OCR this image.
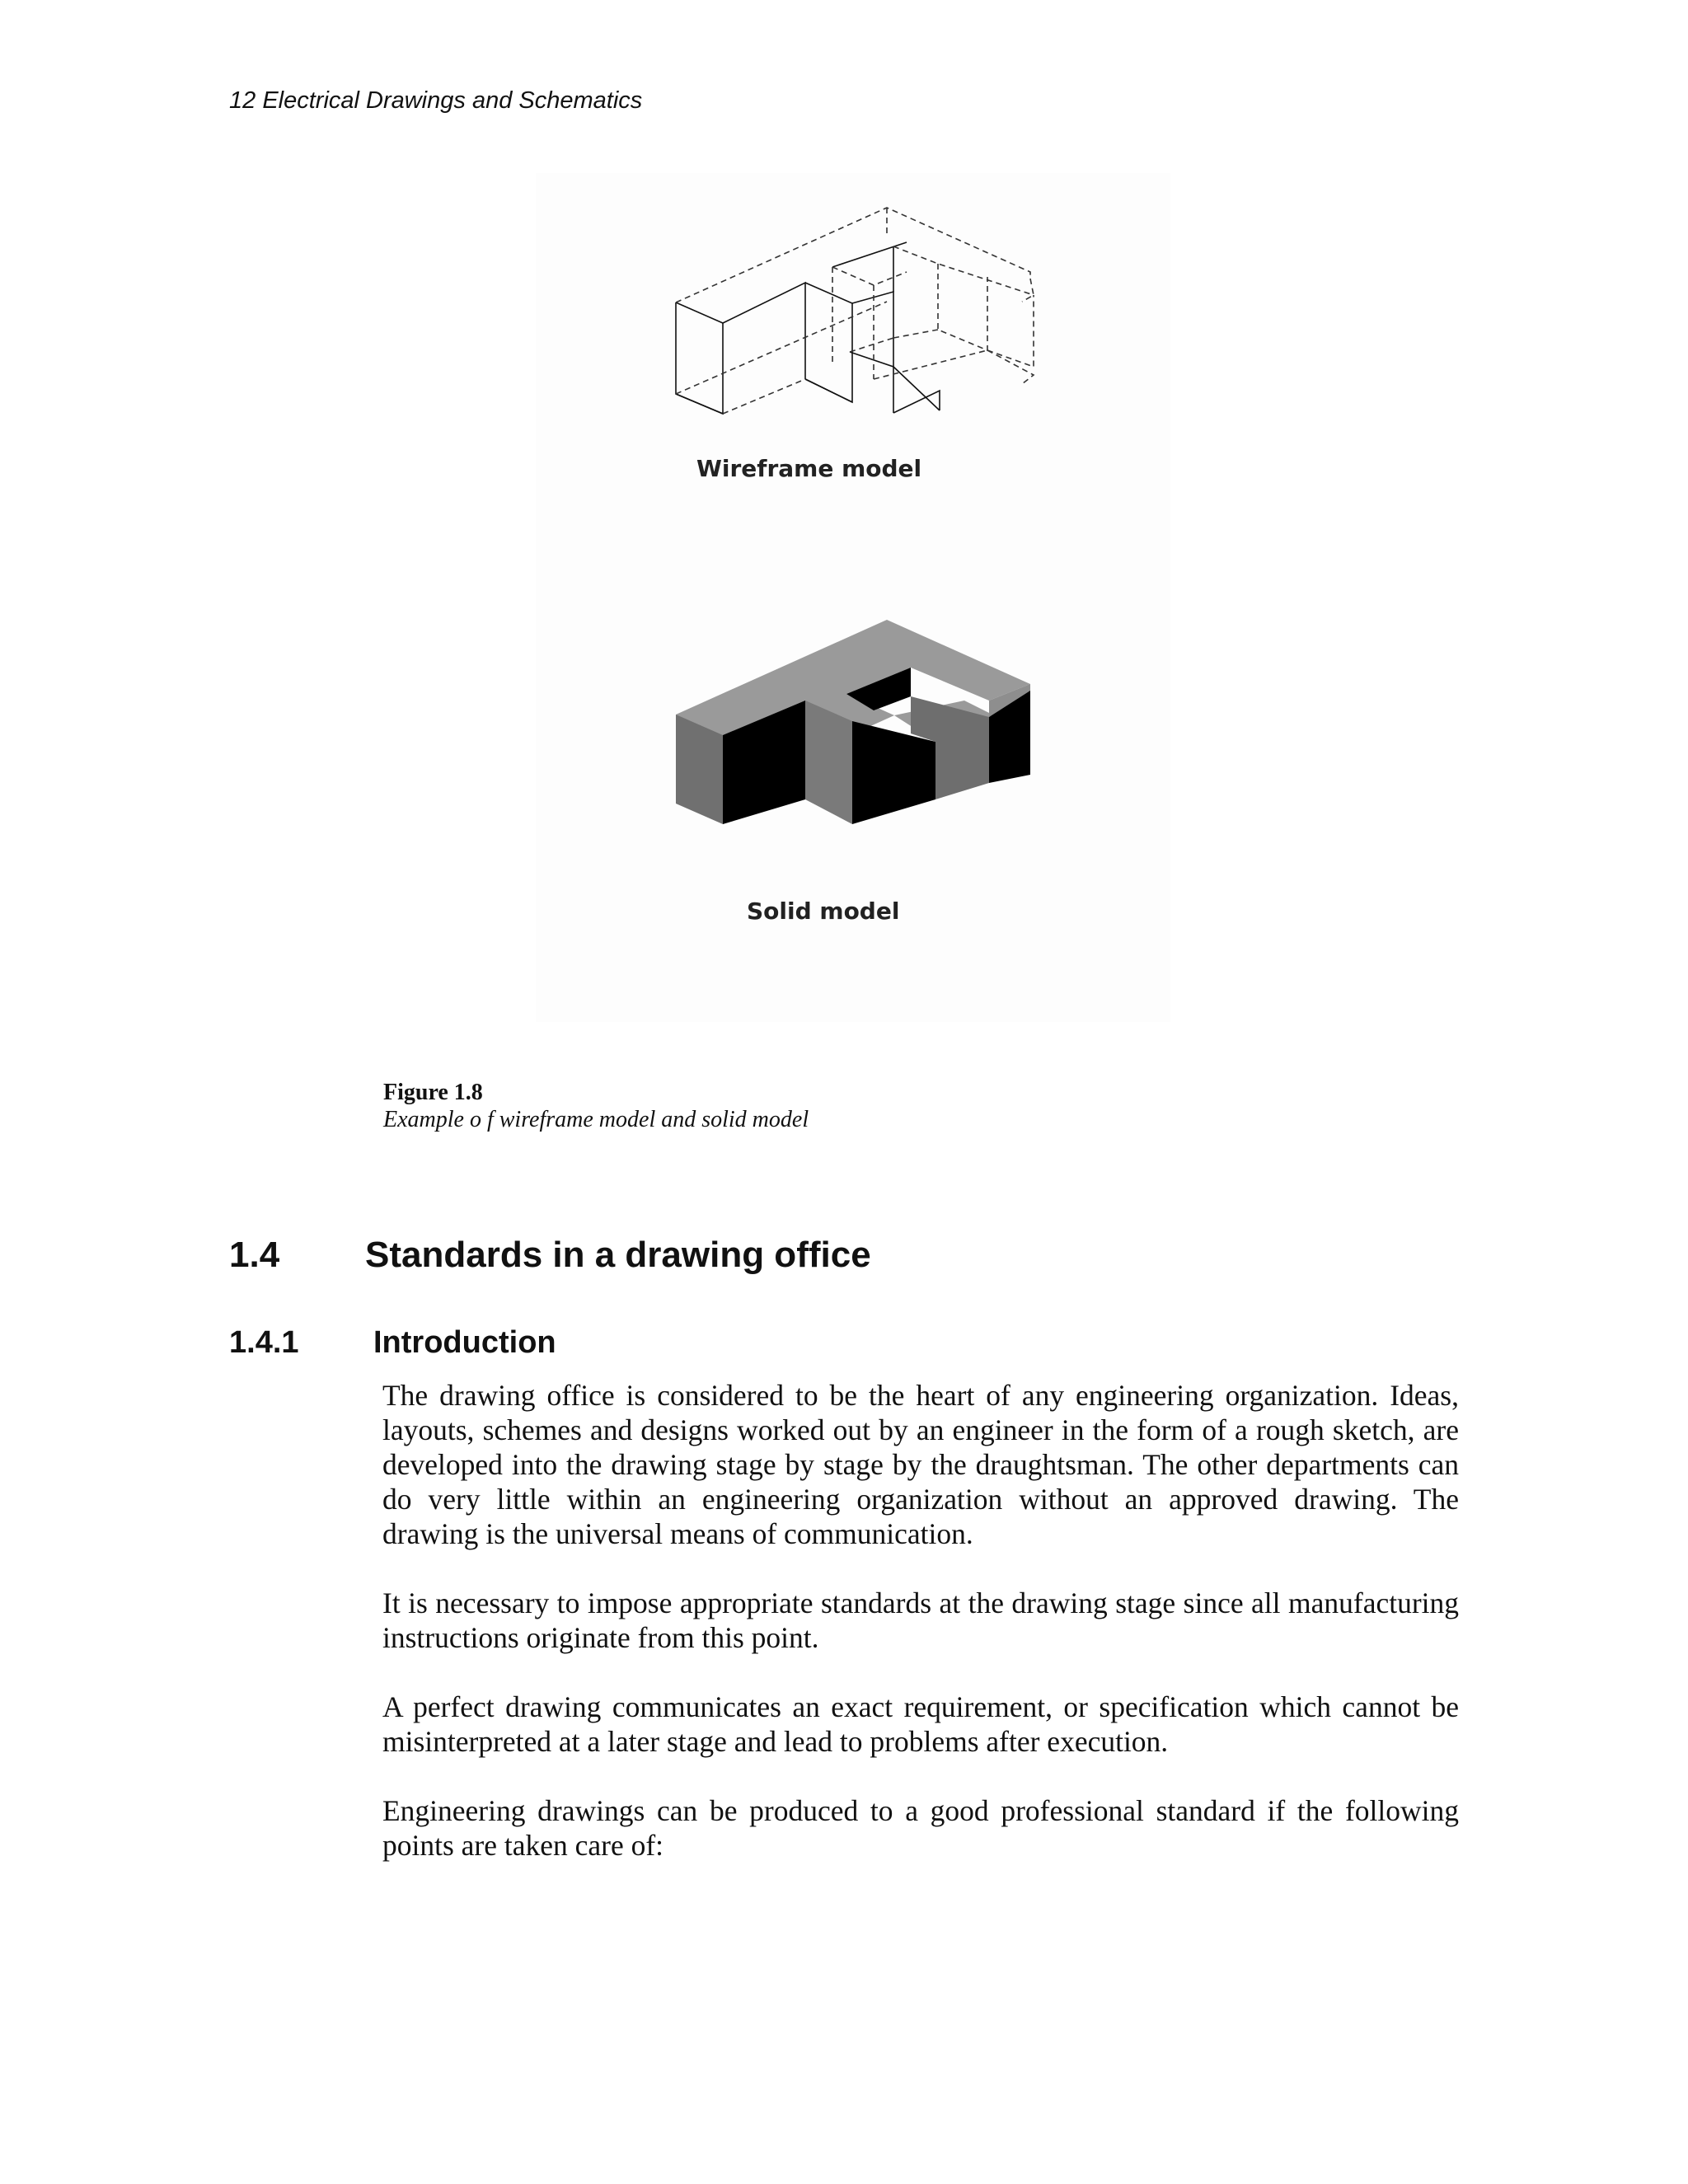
12 Electrical Drawings and Schematics
Wireframe model
Solid model
Figure 1.8
Example o f wireframe model and solid model
1.4 Standards in a drawing office
1.4.1 Introduction

The drawing office is considered to be the heart of any engineering organization. Ideas, layouts, schemes and designs worked out by an engineer in the form of a rough sketch, are developed into the drawing stage by stage by the draughtsman. The other departments can do very little within an engineering organization without an approved drawing. The drawing is the universal means of communication.

It is necessary to impose appropriate standards at the drawing stage since all manufacturing instructions originate from this point.

A perfect drawing communicates an exact requirement, or specification which cannot be misinterpreted at a later stage and lead to problems after execution.

Engineering drawings can be produced to a good professional standard if the following points are taken care of:
